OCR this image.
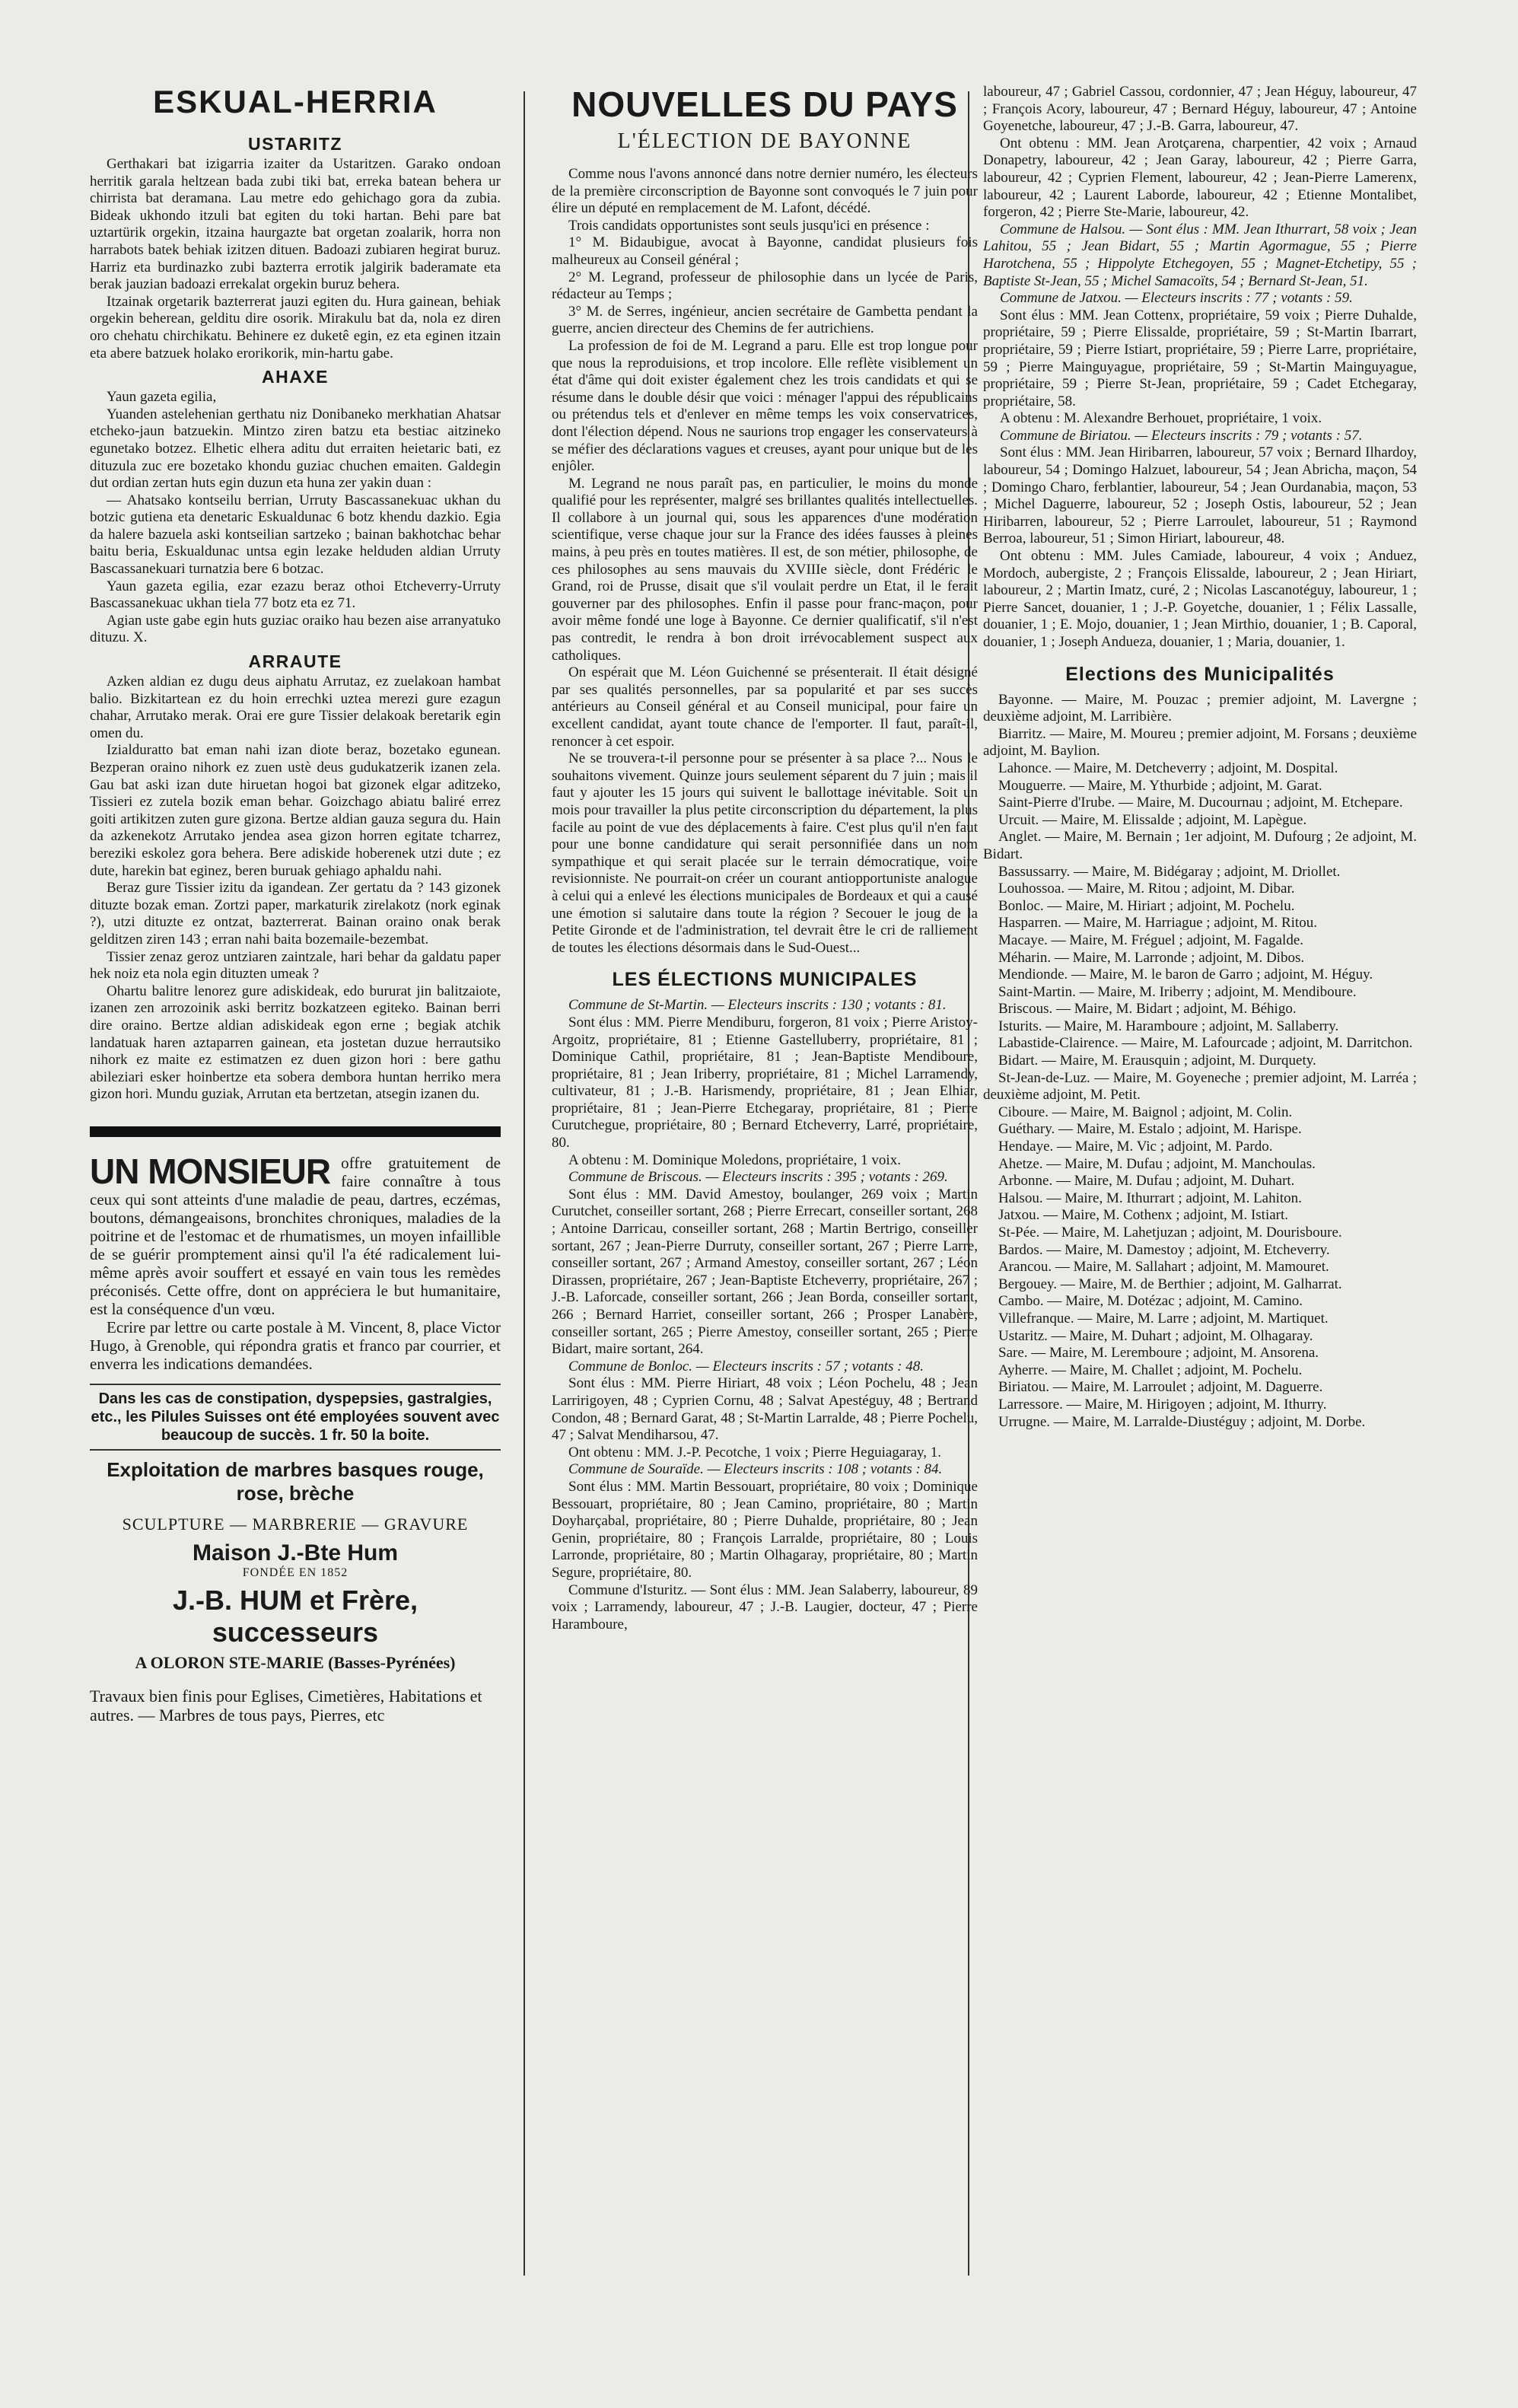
ESKUAL-HERRIA
USTARITZ

Gerthakari bat izigarria izaiter da Ustaritzen. Garako ondoan herritik garala heltzean bada zubi tiki bat, erreka batean behera ur chirrista bat deramana. Lau metre edo gehichago gora da zubia. Bideak ukhondo itzuli bat egiten du toki hartan. Behi pare bat uztartürik orgekin, itzaina haurgazte bat orgetan zoalarik, horra non harrabots batek behiak izitzen dituen. Badoazi zubiaren hegirat buruz. Harriz eta burdinazko zubi bazterra errotik jalgirik baderamate eta berak jauzian badoazi errekalat orgekin buruz behera.

Itzainak orgetarik bazterrerat jauzi egiten du. Hura gainean, behiak orgekin beherean, gelditu dire osorik. Mirakulu bat da, nola ez diren oro chehatu chirchikatu. Behinere ez duketê egin, ez eta eginen itzain eta abere batzuek holako erorikorik, min-hartu gabe.

AHAXE

Yaun gazeta egilia,

Yuanden astelehenian gerthatu niz Donibaneko merkhatian Ahatsar etcheko-jaun batzuekin. Mintzo ziren batzu eta bestiac aitzineko egunetako botzez. Elhetic elhera aditu dut erraiten heietaric bati, ez dituzula zuc ere bozetako khondu guziac chuchen emaiten. Galdegin dut ordian zertan huts egin duzun eta huna zer yakin duan :

— Ahatsako kontseilu berrian, Urruty Bascassanekuac ukhan du botzic gutiena eta denetaric Eskualdunac 6 botz khendu dazkio. Egia da halere bazuela aski kontseilian sartzeko ; bainan bakhotchac behar baitu beria, Eskualdunac untsa egin lezake helduden aldian Urruty Bascassanekuari turnatzia bere 6 botzac.

Yaun gazeta egilia, ezar ezazu beraz othoi Etcheverry-Urruty Bascassanekuac ukhan tiela 77 botz eta ez 71.

Agian uste gabe egin huts guziac oraiko hau bezen aise arranyatuko dituzu. X.

ARRAUTE

Azken aldian ez dugu deus aiphatu Arrutaz, ez zuelakoan hambat balio. Bizkitartean ez du hoin errechki uztea merezi gure ezagun chahar, Arrutako merak. Orai ere gure Tissier delakoak beretarik egin omen du.

Izialduratto bat eman nahi izan diote beraz, bozetako egunean. Bezperan oraino nihork ez zuen ustè deus gudukatzerik izanen zela. Gau bat aski izan dute hiruetan hogoi bat gizonek elgar aditzeko, Tissieri ez zutela bozik eman behar. Goizchago abiatu baliré errez goiti artikitzen zuten gure gizona. Bertze aldian gauza segura du. Hain da azkenekotz Arrutako jendea asea gizon horren egitate tcharrez, bereziki eskolez gora behera. Bere adiskide hoberenek utzi dute ; ez dute, harekin bat eginez, beren buruak gehiago aphaldu nahi.

Beraz gure Tissier izitu da igandean. Zer gertatu da ? 143 gizonek dituzte bozak eman. Zortzi paper, markaturik zirelakotz (nork eginak ?), utzi dituzte ez ontzat, bazterrerat. Bainan oraino onak berak gelditzen ziren 143 ; erran nahi baita bozemaile-bezembat.

Tissier zenaz geroz untziaren zaintzale, hari behar da galdatu paper hek noiz eta nola egin dituzten umeak ?

Ohartu balitre lenorez gure adiskideak, edo bururat jin balitzaiote, izanen zen arrozoinik aski berritz bozkatzeen egiteko. Bainan berri dire oraino. Bertze aldian adiskideak egon erne ; begiak atchik landatuak haren aztaparren gainean, eta jostetan duzue herrautsiko nihork ez maite ez estimatzen ez duen gizon hori : bere gathu abileziari esker hoinbertze eta sobera dembora huntan herriko mera gizon hori. Mundu guziak, Arrutan eta bertzetan, atsegin izanen du.

UN MONSIEUR offre gratuitement de faire connaître à tous ceux qui sont atteints d'une maladie de peau, dartres, eczémas, boutons, démangeaisons, bronchites chroniques, maladies de la poitrine et de l'estomac et de rhumatismes, un moyen infaillible de se guérir promptement ainsi qu'il l'a été radicalement lui-même après avoir souffert et essayé en vain tous les remèdes préconisés. Cette offre, dont on appréciera le but humanitaire, est la conséquence d'un vœu.

Ecrire par lettre ou carte postale à M. Vincent, 8, place Victor Hugo, à Grenoble, qui répondra gratis et franco par courrier, et enverra les indications demandées.

Dans les cas de constipation, dyspepsies, gastralgies, etc., les Pilules Suisses ont été employées souvent avec beaucoup de succès. 1 fr. 50 la boite.
Exploitation de marbres basques rouge, rose, brèche
SCULPTURE — MARBRERIE — GRAVURE
Maison J.-Bte Hum
FONDÉE EN 1852
J.-B. HUM et Frère, successeurs
A OLORON STE-MARIE (Basses-Pyrénées)
Travaux bien finis pour Eglises, Cimetières, Habitations et autres. — Marbres de tous pays, Pierres, etc
NOUVELLES DU PAYS
L'ÉLECTION DE BAYONNE

Comme nous l'avons annoncé dans notre dernier numéro, les électeurs de la première circonscription de Bayonne sont convoqués le 7 juin pour élire un député en remplacement de M. Lafont, décédé.

Trois candidats opportunistes sont seuls jusqu'ici en présence :

1° M. Bidaubigue, avocat à Bayonne, candidat plusieurs fois malheureux au Conseil général ;

2° M. Legrand, professeur de philosophie dans un lycée de Paris, rédacteur au Temps ;

3° M. de Serres, ingénieur, ancien secrétaire de Gambetta pendant la guerre, ancien directeur des Chemins de fer autrichiens.

La profession de foi de M. Legrand a paru. Elle est trop longue pour que nous la reproduisions, et trop incolore. Elle reflète visiblement un état d'âme qui doit exister également chez les trois candidats et qui se résume dans le double désir que voici : ménager l'appui des républicains ou prétendus tels et d'enlever en même temps les voix conservatrices, dont l'élection dépend. Nous ne saurions trop engager les conservateurs à se méfier des déclarations vagues et creuses, ayant pour unique but de les enjôler.

M. Legrand ne nous paraît pas, en particulier, le moins du monde qualifié pour les représenter, malgré ses brillantes qualités intellectuelles. Il collabore à un journal qui, sous les apparences d'une modération scientifique, verse chaque jour sur la France des idées fausses à pleines mains, à peu près en toutes matières. Il est, de son métier, philosophe, de ces philosophes au sens mauvais du XVIIIe siècle, dont Frédéric le Grand, roi de Prusse, disait que s'il voulait perdre un Etat, il le ferait gouverner par des philosophes. Enfin il passe pour franc-maçon, pour avoir même fondé une loge à Bayonne. Ce dernier qualificatif, s'il n'est pas contredit, le rendra à bon droit irrévocablement suspect aux catholiques.

On espérait que M. Léon Guichenné se présenterait. Il était désigné par ses qualités personnelles, par sa popularité et par ses succès antérieurs au Conseil général et au Conseil municipal, pour faire un excellent candidat, ayant toute chance de l'emporter. Il faut, paraît-il, renoncer à cet espoir.

Ne se trouvera-t-il personne pour se présenter à sa place ?... Nous le souhaitons vivement. Quinze jours seulement séparent du 7 juin ; mais il faut y ajouter les 15 jours qui suivent le ballottage inévitable. Soit un mois pour travailler la plus petite circonscription du département, la plus facile au point de vue des déplacements à faire. C'est plus qu'il n'en faut pour une bonne candidature qui serait personnifiée dans un nom sympathique et qui serait placée sur le terrain démocratique, voire revisionniste. Ne pourrait-on créer un courant antiopportuniste analogue à celui qui a enlevé les élections municipales de Bordeaux et qui a causé une émotion si salutaire dans toute la région ? Secouer le joug de la Petite Gironde et de l'administration, tel devrait être le cri de ralliement de toutes les élections désormais dans le Sud-Ouest...

LES ÉLECTIONS MUNICIPALES

Commune de St-Martin. — Electeurs inscrits : 130 ; votants : 81.

Sont élus : MM. Pierre Mendiburu, forgeron, 81 voix ; Pierre Aristoy-Argoitz, propriétaire, 81 ; Etienne Gastelluberry, propriétaire, 81 ; Dominique Cathil, propriétaire, 81 ; Jean-Baptiste Mendiboure, propriétaire, 81 ; Jean Iriberry, propriétaire, 81 ; Michel Larramendy, cultivateur, 81 ; J.-B. Harismendy, propriétaire, 81 ; Jean Elhiar, propriétaire, 81 ; Jean-Pierre Etchegaray, propriétaire, 81 ; Pierre Curutchegue, propriétaire, 80 ; Bernard Etcheverry, Larré, propriétaire, 80.

A obtenu : M. Dominique Moledons, propriétaire, 1 voix.

Commune de Briscous. — Electeurs inscrits : 395 ; votants : 269.

Sont élus : MM. David Amestoy, boulanger, 269 voix ; Martin Curutchet, conseiller sortant, 268 ; Pierre Errecart, conseiller sortant, 268 ; Antoine Darricau, conseiller sortant, 268 ; Martin Bertrigo, conseiller sortant, 267 ; Jean-Pierre Durruty, conseiller sortant, 267 ; Pierre Larre, conseiller sortant, 267 ; Armand Amestoy, conseiller sortant, 267 ; Léon Dirassen, propriétaire, 267 ; Jean-Baptiste Etcheverry, propriétaire, 267 ; J.-B. Laforcade, conseiller sortant, 266 ; Jean Borda, conseiller sortant, 266 ; Bernard Harriet, conseiller sortant, 266 ; Prosper Lanabère, conseiller sortant, 265 ; Pierre Amestoy, conseiller sortant, 265 ; Pierre Bidart, maire sortant, 264.

Commune de Bonloc. — Electeurs inscrits : 57 ; votants : 48.

Sont élus : MM. Pierre Hiriart, 48 voix ; Léon Pochelu, 48 ; Jean Larririgoyen, 48 ; Cyprien Cornu, 48 ; Salvat Apestéguy, 48 ; Bertrand Condon, 48 ; Bernard Garat, 48 ; St-Martin Larralde, 48 ; Pierre Pochelu, 47 ; Salvat Mendiharsou, 47.

Ont obtenu : MM. J.-P. Pecotche, 1 voix ; Pierre Heguiagaray, 1.

Commune de Souraïde. — Electeurs inscrits : 108 ; votants : 84.

Sont élus : MM. Martin Bessouart, propriétaire, 80 voix ; Dominique Bessouart, propriétaire, 80 ; Jean Camino, propriétaire, 80 ; Martin Doyharçabal, propriétaire, 80 ; Pierre Duhalde, propriétaire, 80 ; Jean Genin, propriétaire, 80 ; François Larralde, propriétaire, 80 ; Louis Larronde, propriétaire, 80 ; Martin Olhagaray, propriétaire, 80 ; Martin Segure, propriétaire, 80.

Commune d'Isturitz. — Sont élus : MM. Jean Salaberry, laboureur, 89 voix ; Larramendy, laboureur, 47 ; J.-B. Laugier, docteur, 47 ; Pierre Haramboure,

laboureur, 47 ; Gabriel Cassou, cordonnier, 47 ; Jean Héguy, laboureur, 47 ; François Acory, laboureur, 47 ; Bernard Héguy, laboureur, 47 ; Antoine Goyenetche, laboureur, 47 ; J.-B. Garra, laboureur, 47.

Ont obtenu : MM. Jean Arotçarena, charpentier, 42 voix ; Arnaud Donapetry, laboureur, 42 ; Jean Garay, laboureur, 42 ; Pierre Garra, laboureur, 42 ; Cyprien Flement, laboureur, 42 ; Jean-Pierre Lamerenx, laboureur, 42 ; Laurent Laborde, laboureur, 42 ; Etienne Montalibet, forgeron, 42 ; Pierre Ste-Marie, laboureur, 42.

Commune de Halsou. — Sont élus : MM. Jean Ithurrart, 58 voix ; Jean Lahitou, 55 ; Jean Bidart, 55 ; Martin Agormague, 55 ; Pierre Harotchena, 55 ; Hippolyte Etchegoyen, 55 ; Magnet-Etchetipy, 55 ; Baptiste St-Jean, 55 ; Michel Samacoïts, 54 ; Bernard St-Jean, 51.

Commune de Jatxou. — Electeurs inscrits : 77 ; votants : 59.

Sont élus : MM. Jean Cottenx, propriétaire, 59 voix ; Pierre Duhalde, propriétaire, 59 ; Pierre Elissalde, propriétaire, 59 ; St-Martin Ibarrart, propriétaire, 59 ; Pierre Istiart, propriétaire, 59 ; Pierre Larre, propriétaire, 59 ; Pierre Mainguyague, propriétaire, 59 ; St-Martin Mainguyague, propriétaire, 59 ; Pierre St-Jean, propriétaire, 59 ; Cadet Etchegaray, propriétaire, 58.

A obtenu : M. Alexandre Berhouet, propriétaire, 1 voix.

Commune de Biriatou. — Electeurs inscrits : 79 ; votants : 57.

Sont élus : MM. Jean Hiribarren, laboureur, 57 voix ; Bernard Ilhardoy, laboureur, 54 ; Domingo Halzuet, laboureur, 54 ; Jean Abricha, maçon, 54 ; Domingo Charo, ferblantier, laboureur, 54 ; Jean Ourdanabia, maçon, 53 ; Michel Daguerre, laboureur, 52 ; Joseph Ostis, laboureur, 52 ; Jean Hiribarren, laboureur, 52 ; Pierre Larroulet, laboureur, 51 ; Raymond Berroa, laboureur, 51 ; Simon Hiriart, laboureur, 48.

Ont obtenu : MM. Jules Camiade, laboureur, 4 voix ; Anduez, Mordoch, aubergiste, 2 ; François Elissalde, laboureur, 2 ; Jean Hiriart, laboureur, 2 ; Martin Imatz, curé, 2 ; Nicolas Lascanotéguy, laboureur, 1 ; Pierre Sancet, douanier, 1 ; J.-P. Goyetche, douanier, 1 ; Félix Lassalle, douanier, 1 ; E. Mojo, douanier, 1 ; Jean Mirthio, douanier, 1 ; B. Caporal, douanier, 1 ; Joseph Andueza, douanier, 1 ; Maria, douanier, 1.

Elections des Municipalités

Bayonne. — Maire, M. Pouzac ; premier adjoint, M. Lavergne ; deuxième adjoint, M. Larribière.

Biarritz. — Maire, M. Moureu ; premier adjoint, M. Forsans ; deuxième adjoint, M. Baylion.

Lahonce. — Maire, M. Detcheverry ; adjoint, M. Dospital.

Mouguerre. — Maire, M. Ythurbide ; adjoint, M. Garat.

Saint-Pierre d'Irube. — Maire, M. Ducournau ; adjoint, M. Etchepare.

Urcuit. — Maire, M. Elissalde ; adjoint, M. Lapègue.

Anglet. — Maire, M. Bernain ; 1er adjoint, M. Dufourg ; 2e adjoint, M. Bidart.

Bassussarry. — Maire, M. Bidégaray ; adjoint, M. Driollet.

Louhossoa. — Maire, M. Ritou ; adjoint, M. Dibar.

Bonloc. — Maire, M. Hiriart ; adjoint, M. Pochelu.

Hasparren. — Maire, M. Harriague ; adjoint, M. Ritou.

Macaye. — Maire, M. Fréguel ; adjoint, M. Fagalde.

Méharin. — Maire, M. Larronde ; adjoint, M. Dibos.

Mendionde. — Maire, M. le baron de Garro ; adjoint, M. Héguy.

Saint-Martin. — Maire, M. Iriberry ; adjoint, M. Mendiboure.

Briscous. — Maire, M. Bidart ; adjoint, M. Béhigo.

Isturits. — Maire, M. Haramboure ; adjoint, M. Sallaberry.

Labastide-Clairence. — Maire, M. Lafourcade ; adjoint, M. Darritchon.

Bidart. — Maire, M. Erausquin ; adjoint, M. Durquety.

St-Jean-de-Luz. — Maire, M. Goyeneche ; premier adjoint, M. Larréa ; deuxième adjoint, M. Petit.

Ciboure. — Maire, M. Baignol ; adjoint, M. Colin.

Guéthary. — Maire, M. Estalo ; adjoint, M. Harispe.

Hendaye. — Maire, M. Vic ; adjoint, M. Pardo.

Ahetze. — Maire, M. Dufau ; adjoint, M. Manchoulas.

Arbonne. — Maire, M. Dufau ; adjoint, M. Duhart.

Halsou. — Maire, M. Ithurrart ; adjoint, M. Lahiton.

Jatxou. — Maire, M. Cothenx ; adjoint, M. Istiart.

St-Pée. — Maire, M. Lahetjuzan ; adjoint, M. Dourisboure.

Bardos. — Maire, M. Damestoy ; adjoint, M. Etcheverry.

Arancou. — Maire, M. Sallahart ; adjoint, M. Mamouret.

Bergouey. — Maire, M. de Berthier ; adjoint, M. Galharrat.

Cambo. — Maire, M. Dotézac ; adjoint, M. Camino.

Villefranque. — Maire, M. Larre ; adjoint, M. Martiquet.

Ustaritz. — Maire, M. Duhart ; adjoint, M. Olhagaray.

Sare. — Maire, M. Leremboure ; adjoint, M. Ansorena.

Ayherre. — Maire, M. Challet ; adjoint, M. Pochelu.

Biriatou. — Maire, M. Larroulet ; adjoint, M. Daguerre.

Larressore. — Maire, M. Hirigoyen ; adjoint, M. Ithurry.

Urrugne. — Maire, M. Larralde-Diustéguy ; adjoint, M. Dorbe.
